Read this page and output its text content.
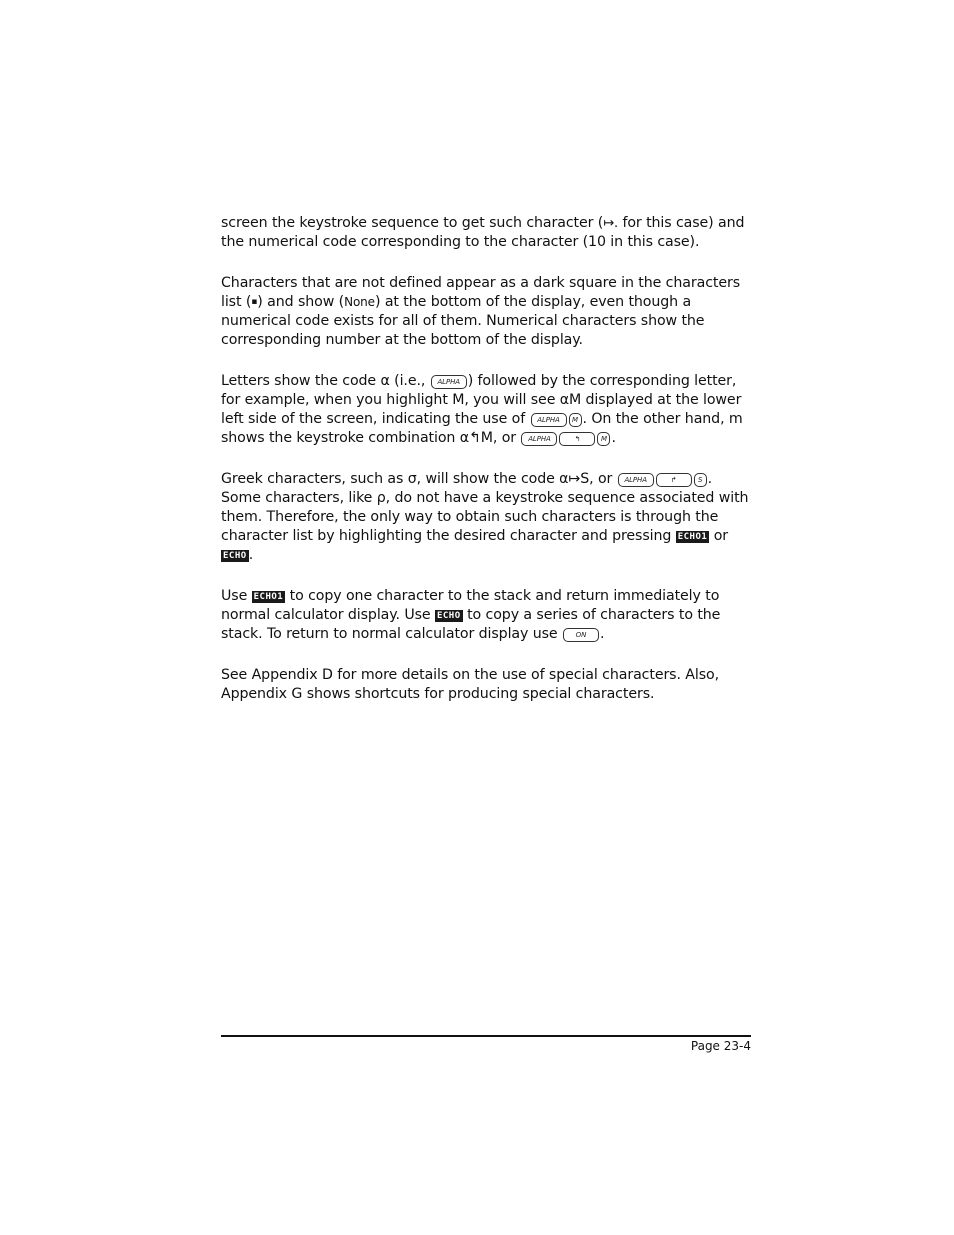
screen the keystroke sequence to get such character (↦. for this case) and the numerical code corresponding to the character (10 in this case).

Characters that are not defined appear as a dark square in the characters list (▪) and show (None) at the bottom of the display, even though a numerical code exists for all of them. Numerical characters show the corresponding number at the bottom of the display.

Letters show the code α (i.e., ALPHA ) followed by the corresponding letter, for example, when you highlight M, you will see αM displayed at the lower left side of the screen, indicating the use of ALPHA M . On the other hand, m shows the keystroke combination α↰M, or ALPHA	↰	M .

Greek characters, such as σ, will show the code α↦S, or ALPHA	↱	S . Some characters, like ρ, do not have a keystroke sequence associated with them. Therefore, the only way to obtain such characters is through the character list by highlighting the desired character and pressing ECHO1 or ECHO .

Use ECHO1 to copy one character to the stack and return immediately to normal calculator display. Use ECHO to copy a series of characters to the stack. To return to normal calculator display use ON .

See Appendix D for more details on the use of special characters. Also, Appendix G shows shortcuts for producing special characters.

Page 23-4
